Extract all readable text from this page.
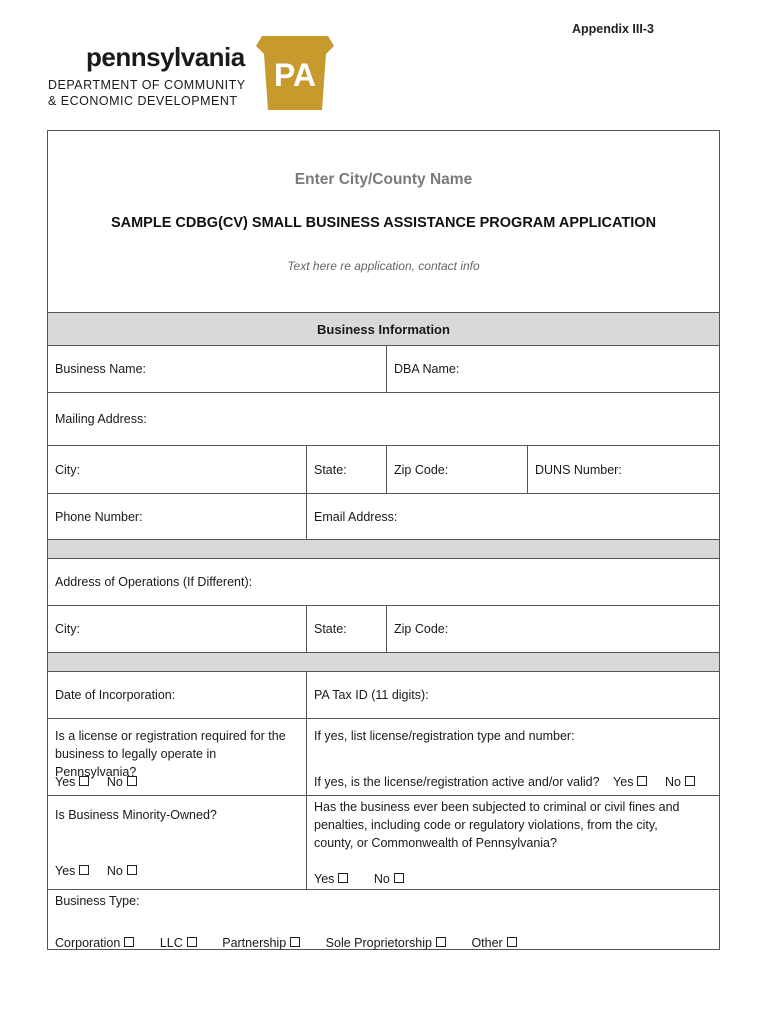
Appendix III-3
pennsylvania
DEPARTMENT OF COMMUNITY
& ECONOMIC DEVELOPMENT
PA
Enter City/County Name
SAMPLE CDBG(CV) SMALL BUSINESS ASSISTANCE PROGRAM APPLICATION
Text here re application, contact info
Business Information
Business Name:	DBA Name:
Mailing Address:
City:	State:	Zip Code:	DUNS Number:
Phone Number:	Email Address:
Address of Operations (If Different):
City:	State:	Zip Code:
Date of Incorporation:	PA Tax ID (11 digits):
Is a license or registration required for the
business to legally operate in Pennsylvania?
Yes	No
If yes, list license/registration type and number:
If yes, is the license/registration active and/or valid? Yes	No
Is Business Minority-Owned?
Yes	No
Has the business ever been subjected to criminal or civil fines and
penalties, including code or regulatory violations, from the city,
county, or Commonwealth of Pennsylvania?
Yes	No
Business Type:
Corporation	LLC	Partnership	Sole Proprietorship	Other
